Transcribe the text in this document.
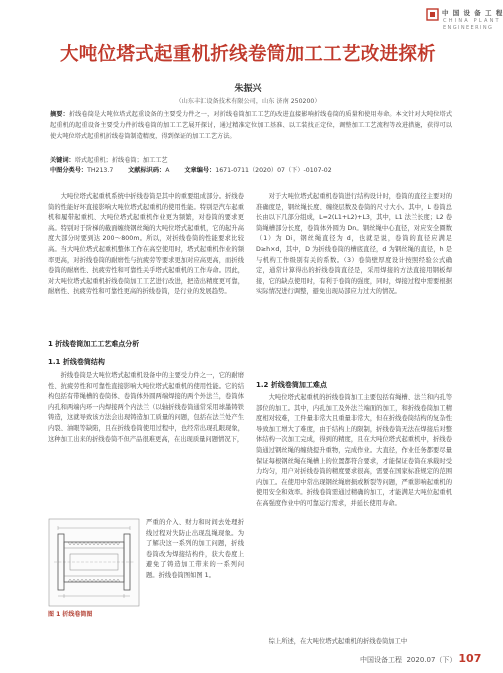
中 国 设 备 工 程
CHINA PLANT
ENGINEERING
大吨位塔式起重机折线卷筒加工工艺改进探析
朱振兴
（山东丰汇设备技术有限公司，山东 济南 250200）
摘要：折线卷筒是大吨位塔式起重设备的主要受力件之一，对折线卷筒加工工艺的改进直接影响折线卷筒的质量和使用寿命。本文针对大吨位塔式起重机的起重设备主要受力件折线卷筒的加工工艺展开探讨，通过精准定位加工基准、以工装找正定位，调整加工工艺流程等改进措施，获得可以使大吨位塔式起重机折线卷筒制造精度，得到保证的加工工艺方法。
关键词：塔式起重机；折线卷筒；加工工艺
中图分类号：TH213.7 文献标识码：A 文章编号：1671-0711（2020）07（下）-0107-02

大吨位塔式起重机系统中折线卷筒是其中的重要组成部分。折线卷筒的性能好坏直接影响大吨位塔式起重机的使用性能。特别是汽车起重机和履带起重机、大吨位塔式起重机作业更为频繁，对卷筒的要求更高。特别对于阶梯的截面缠绕钢丝绳的大吨位塔式起重机，它的起升高度大部分时要到达 200～800m。所以，对折线卷筒的性能要求比较高。当大吨位塔式起重机整体工作在高空使用时，塔式起重机作业的频率更高，对折线卷筒的耐磨性与抗疲劳等要求更加对应高更高，而折线卷筒的耐磨性、抗疲劳性和可靠性关乎塔式起重机的工作寿命。因此，对大吨位塔式起重机折线卷筒加工工艺进行改进，把造出精度更可靠，耐磨性、抗疲劳性和可靠性更高的折线卷筒，是行业的发展趋势。

1 折线卷筒加工工艺难点分析
1.1 折线卷筒结构

折线卷筒是大吨位塔式起重机设备中的主要受力件之一，它的耐磨性、抗疲劳性和可靠性直接影响大吨位塔式起重机的使用性能。它的结构包括有带绳槽的卷筒体、卷筒体外圆两端焊接的两个外法兰，卷筒体内孔和两端内环一内焊接两个内法兰（以轴折线卷筒通常采用球墨铸铁铸造，这就导致该方法会出现铸造加工质量的问题，包括在法兰处产生内裂、油眼等缺陷，且在折线卷筒使用过程中，也经常出现孔眼现象，这种加工出来的折线卷筒不但产品很难更高，在出现质量问题情况下，

严重的介入、财力和时间去处理折线过程对失防止出现乱绳现象。为了解决这一系列的加工问题，折线卷筒改为焊接结构件，获大卷度上避免了铸造加工带来的一系列问题。折线卷筒图如图 1。

图 1 折线卷筒图

对于大吨位塔式起重机卷筒进行结构设计时，卷筒的直径主要对的准确度是，钢丝绳长度、缠绕层数及卷筒的尺寸大小。其中，L 卷筒总长由以下几部分组成，L=2(L1+L2)+L3，其中，L1 法兰长度；L2 卷筒绳槽部分长度，卷筒体外圆为 Dn。钢丝绳中心直径，对应安全圈数（1）为 Di，钢丝绳直径为 d，也就是说，卷筒的直径应满足 D≥h×d，其中，D 为折线卷筒的槽底直径，d 为钢丝绳的直径，h 是与机构工作级别有关的系数。（3）卷筒壁厚度设计按照经验公式确定，通常计算得出的折线卷筒直径是，采用焊接的方法直接用钢板焊接，它的缺点使用时，有利于卷筒的强度，同时，焊接过程中需要根据实际情况进行调整，避免出现局部应力过大的情况。

1.2 折线卷筒加工难点

大吨位塔式起重机的折线卷筒加工主要包括有绳槽、法兰和内孔等部位的加工。其中，内孔加工及外法兰端面的加工，和折线卷筒加工精度相对较难，工件量非常大且重量非常大，但在折线卷筒结构的复杂性导致加工增大了难度，由于结构上的限制，折线卷筒无法在焊接后对整体结构一次加工完成，得到的精度，且在大吨位塔式起重机中，折线卷筒通过钢丝绳的缠绕提升重物，完成作业。大直径，作业任务都要尽量保证每根钢丝绳在绳槽上的位置都符合要求，才能保证卷筒在承载时受力均匀，用户对折线卷筒的精度要求很高，需要在国家标准规定的范围内加工。在使用中常出现钢丝绳磨损或断裂等问题，严重影响起重机的使用安全和效率。折线卷筒需通过精确的加工，才能满足大吨位起重机在高强度作业中的可靠运行需求，并延长使用寿命。

综上所述，在大吨位塔式起重机的折线卷筒加工中

中国设备工程 2020.07（下） 107
